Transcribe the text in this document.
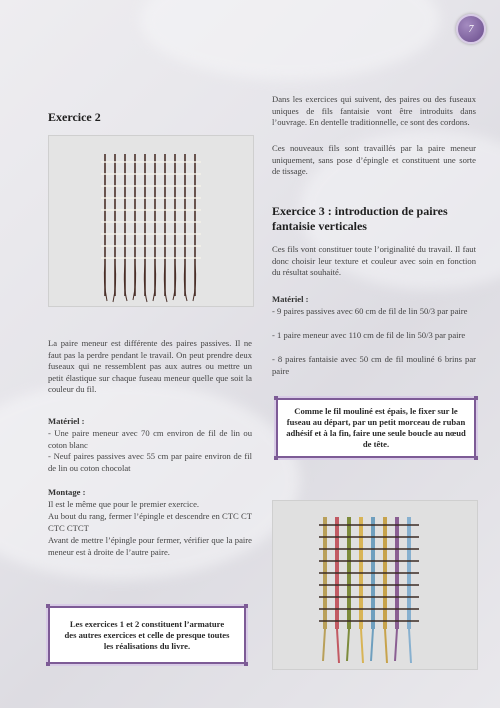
7
Exercice 2

La paire meneur est différente des paires passives. Il ne faut pas la perdre pendant le travail. On peut prendre deux fuseaux qui ne ressemblent pas aux autres ou mettre un petit élastique sur chaque fuseau meneur quelle que soit la couleur du fil.

Matériel :

- Une paire meneur avec 70 cm environ de fil de lin ou coton blanc

- Neuf paires passives avec 55 cm par paire environ de fil de lin ou coton chocolat

Montage :

Il est le même que pour le premier exercice.

Au bout du rang, fermer l’épingle et descendre en CTC CT CTC CTCT

Avant de mettre l’épingle pour fermer, vérifier que la paire meneur est à droite de l’autre paire.

Les exercices 1 et 2 constituent l’armature des autres exercices et celle de presque toutes les réalisations du livre.

Dans les exercices qui suivent, des paires ou des fuseaux uniques de fils fantaisie vont être introduits dans l’ouvrage. En dentelle traditionnelle, ce sont des cordons.

Ces nouveaux fils sont travaillés par la paire meneur uniquement, sans pose d’épingle et constituent une sorte de tissage.

Exercice 3 : introduction de paires fantaisie verticales

Ces fils vont constituer toute l’originalité du travail. Il faut donc choisir leur texture et couleur avec soin en fonction du résultat souhaité.

Matériel :

- 9 paires passives avec 60 cm de fil de lin 50/3 par paire

- 1 paire meneur avec 110 cm de fil de lin 50/3 par paire

- 8 paires fantaisie avec 50 cm de fil mouliné 6 brins par paire

Comme le fil mouliné est épais, le fixer sur le fuseau au départ, par un petit morceau de ruban adhésif et à la fin, faire une seule boucle au nœud de tête.
